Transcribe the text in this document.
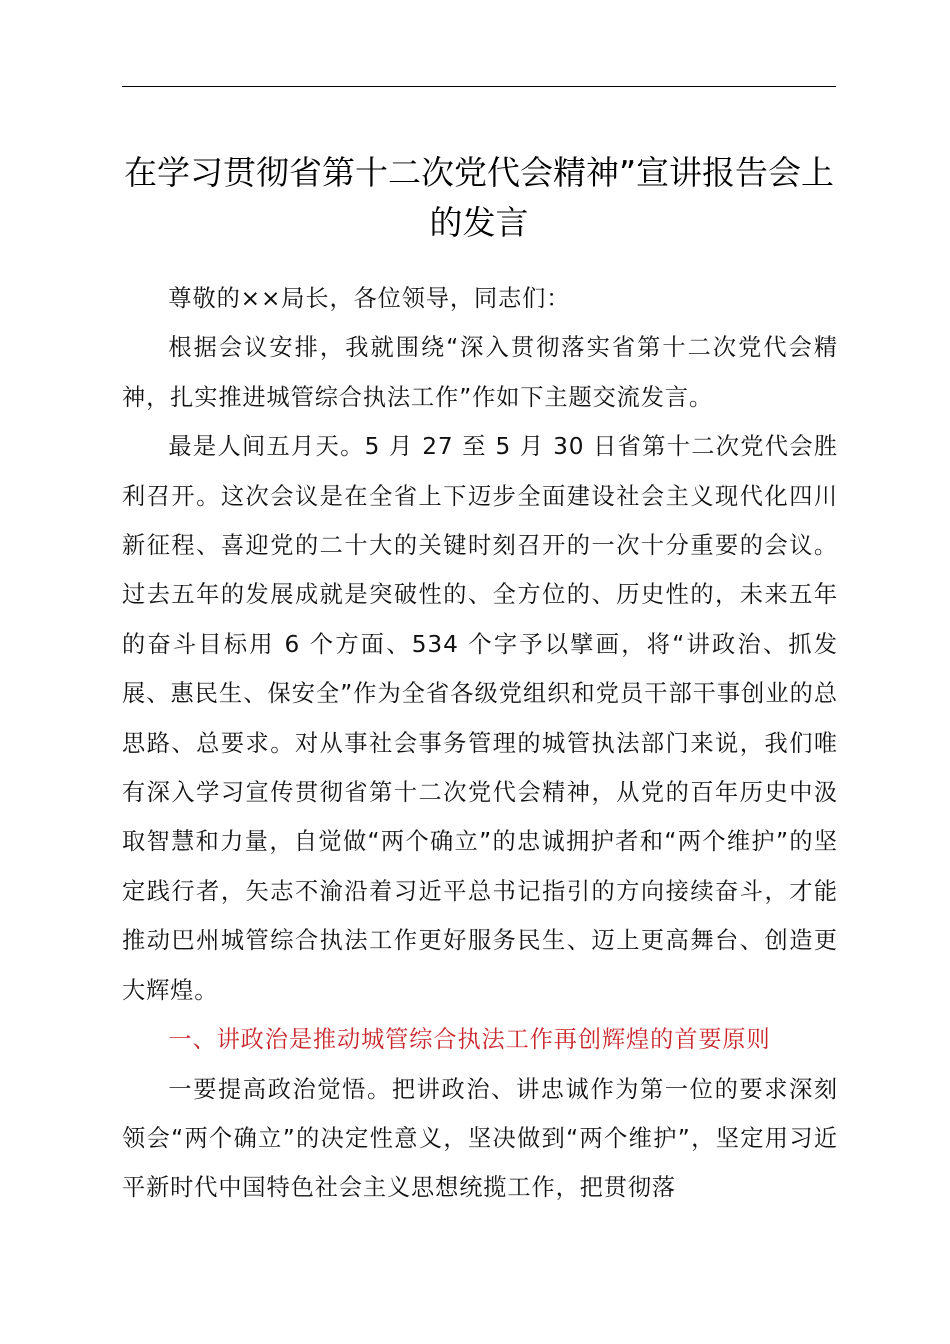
在学习贯彻省第十二次党代会精神”宣讲报告会上的发言

尊敬的××局长，各位领导，同志们：

根据会议安排，我就围绕“深入贯彻落实省第十二次党代会精神，扎实推进城管综合执法工作”作如下主题交流发言。

最是人间五月天。5 月 27 至 5 月 30 日省第十二次党代会胜利召开。这次会议是在全省上下迈步全面建设社会主义现代化四川新征程、喜迎党的二十大的关键时刻召开的一次十分重要的会议。过去五年的发展成就是突破性的、全方位的、历史性的，未来五年的奋斗目标用 6 个方面、534 个字予以擘画，将“讲政治、抓发展、惠民生、保安全”作为全省各级党组织和党员干部干事创业的总思路、总要求。对从事社会事务管理的城管执法部门来说，我们唯有深入学习宣传贯彻省第十二次党代会精神，从党的百年历史中汲取智慧和力量，自觉做“两个确立”的忠诚拥护者和“两个维护”的坚定践行者，矢志不渝沿着习近平总书记指引的方向接续奋斗，才能推动巴州城管综合执法工作更好服务民生、迈上更高舞台、创造更大辉煌。

一、讲政治是推动城管综合执法工作再创辉煌的首要原则

一要提高政治觉悟。把讲政治、讲忠诚作为第一位的要求深刻领会“两个确立”的决定性意义，坚决做到“两个维护”，坚定用习近平新时代中国特色社会主义思想统揽工作，把贯彻落
